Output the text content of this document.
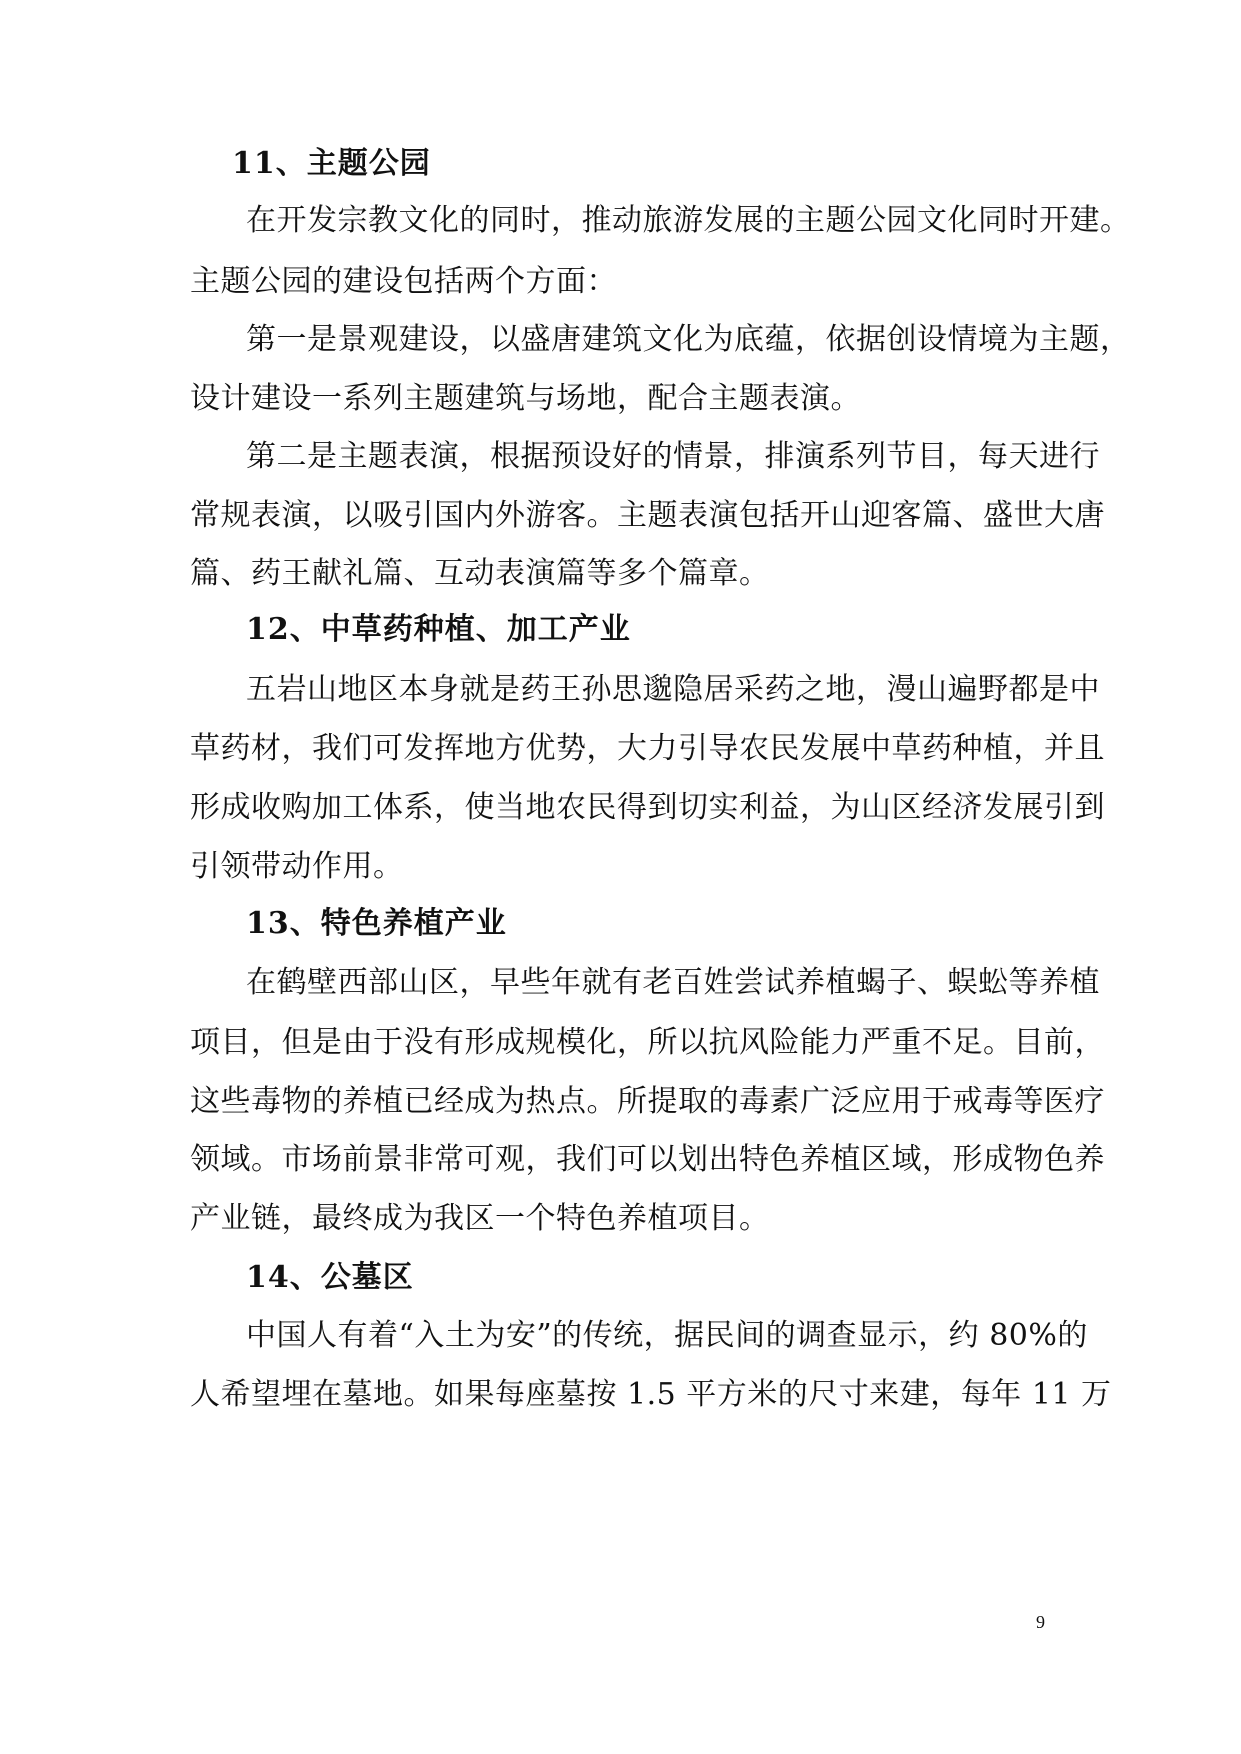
11、主题公园
在开发宗教文化的同时，推动旅游发展的主题公园文化同时开建。
主题公园的建设包括两个方面：
第一是景观建设，以盛唐建筑文化为底蕴，依据创设情境为主题，
设计建设一系列主题建筑与场地，配合主题表演。
第二是主题表演，根据预设好的情景，排演系列节目，每天进行
常规表演，以吸引国内外游客。主题表演包括开山迎客篇、盛世大唐
篇、药王献礼篇、互动表演篇等多个篇章。
12、中草药种植、加工产业
五岩山地区本身就是药王孙思邈隐居采药之地，漫山遍野都是中
草药材，我们可发挥地方优势，大力引导农民发展中草药种植，并且
形成收购加工体系，使当地农民得到切实利益，为山区经济发展引到
引领带动作用。
13、特色养植产业
在鹤壁西部山区，早些年就有老百姓尝试养植蝎子、蜈蚣等养植
项目，但是由于没有形成规模化，所以抗风险能力严重不足。目前，
这些毒物的养植已经成为热点。所提取的毒素广泛应用于戒毒等医疗
领域。市场前景非常可观，我们可以划出特色养植区域，形成物色养
产业链，最终成为我区一个特色养植项目。
14、公墓区
中国人有着“入土为安”的传统，据民间的调查显示，约 80%的
人希望埋在墓地。如果每座墓按 1.5 平方米的尺寸来建，每年 11 万
9
